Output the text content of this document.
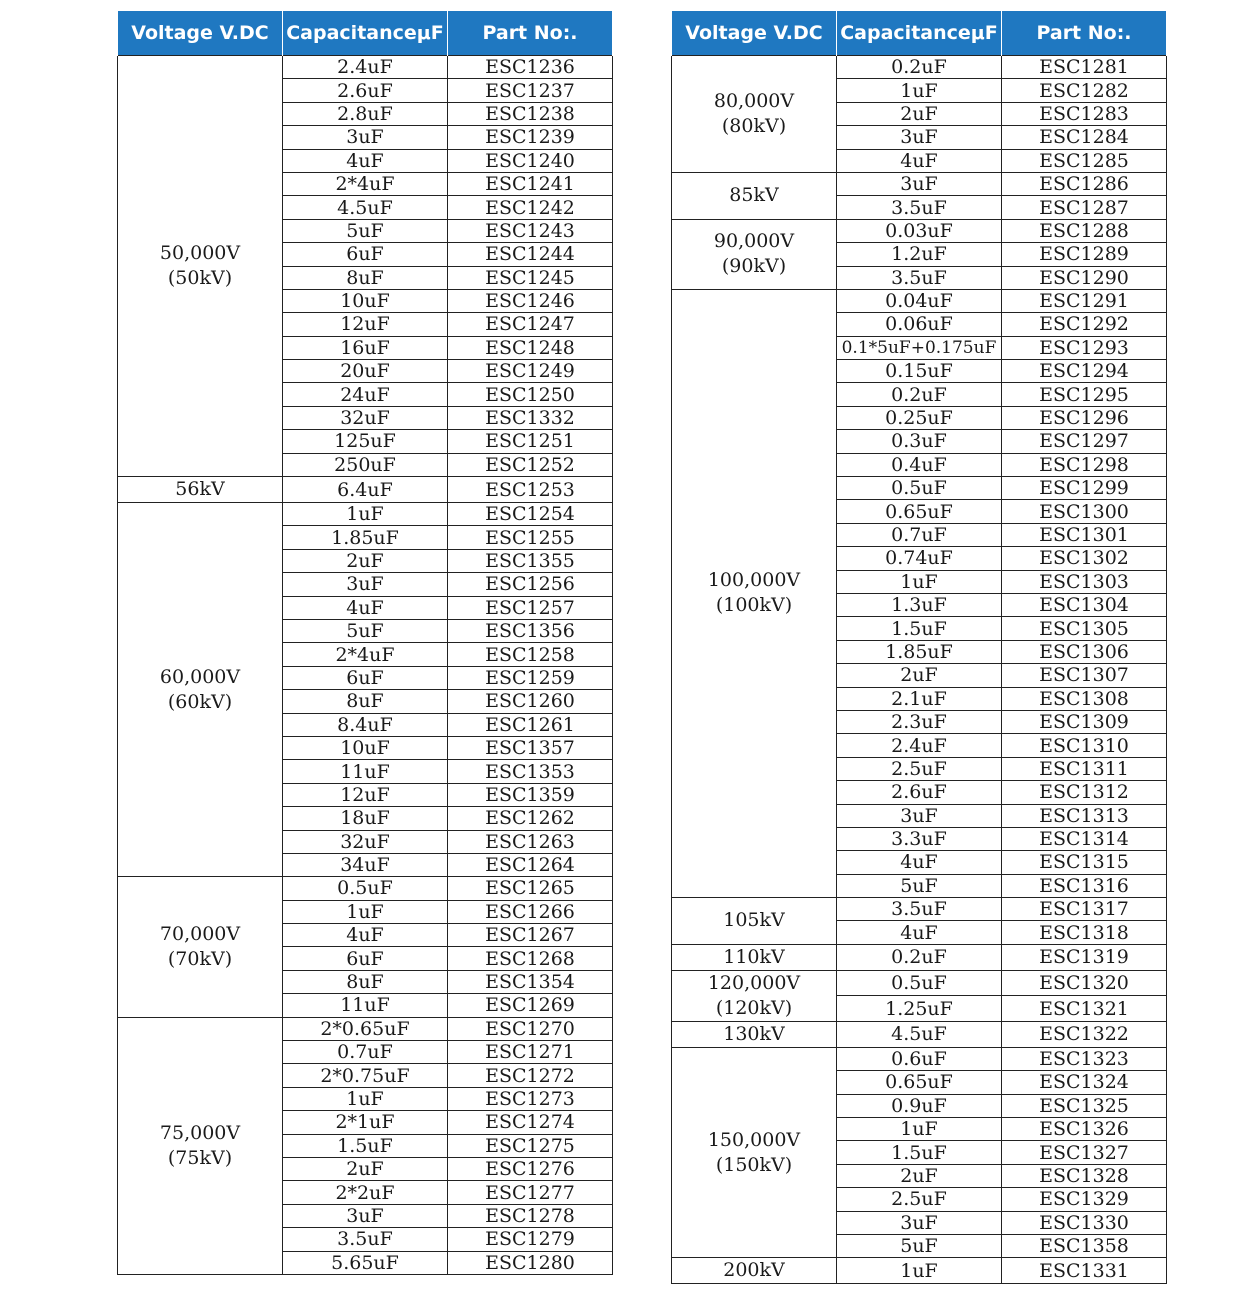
Voltage V.DC	CapacitanceμF	Part No:.

50,000V
(50kV)	2.4uF	ESC1236
	2.6uF	ESC1237
	2.8uF	ESC1238
	3uF	ESC1239
	4uF	ESC1240
	2*4uF	ESC1241
	4.5uF	ESC1242
	5uF	ESC1243
	6uF	ESC1244
	8uF	ESC1245
	10uF	ESC1246
	12uF	ESC1247
	16uF	ESC1248
	20uF	ESC1249
	24uF	ESC1250
	32uF	ESC1332
	125uF	ESC1251
	250uF	ESC1252

56kV	6.4uF	ESC1253

60,000V
(60kV)	1uF	ESC1254
	1.85uF	ESC1255
	2uF	ESC1355
	3uF	ESC1256
	4uF	ESC1257
	5uF	ESC1356
	2*4uF	ESC1258
	6uF	ESC1259
	8uF	ESC1260
	8.4uF	ESC1261
	10uF	ESC1357
	11uF	ESC1353
	12uF	ESC1359
	18uF	ESC1262
	32uF	ESC1263
	34uF	ESC1264

70,000V
(70kV)	0.5uF	ESC1265
	1uF	ESC1266
	4uF	ESC1267
	6uF	ESC1268
	8uF	ESC1354
	11uF	ESC1269

75,000V
(75kV)	2*0.65uF	ESC1270
	0.7uF	ESC1271
	2*0.75uF	ESC1272
	1uF	ESC1273
	2*1uF	ESC1274
	1.5uF	ESC1275
	2uF	ESC1276
	2*2uF	ESC1277
	3uF	ESC1278
	3.5uF	ESC1279
	5.65uF	ESC1280
Voltage V.DC	CapacitanceμF	Part No:.

80,000V
(80kV)	0.2uF	ESC1281
	1uF	ESC1282
	2uF	ESC1283
	3uF	ESC1284
	4uF	ESC1285

85kV	3uF	ESC1286
	3.5uF	ESC1287

90,000V
(90kV)	0.03uF	ESC1288
	1.2uF	ESC1289
	3.5uF	ESC1290

100,000V
(100kV)	0.04uF	ESC1291
	0.06uF	ESC1292
	0.1*5uF+0.175uF	ESC1293
	0.15uF	ESC1294
	0.2uF	ESC1295
	0.25uF	ESC1296
	0.3uF	ESC1297
	0.4uF	ESC1298
	0.5uF	ESC1299
	0.65uF	ESC1300
	0.7uF	ESC1301
	0.74uF	ESC1302
	1uF	ESC1303
	1.3uF	ESC1304
	1.5uF	ESC1305
	1.85uF	ESC1306
	2uF	ESC1307
	2.1uF	ESC1308
	2.3uF	ESC1309
	2.4uF	ESC1310
	2.5uF	ESC1311
	2.6uF	ESC1312
	3uF	ESC1313
	3.3uF	ESC1314
	4uF	ESC1315
	5uF	ESC1316

105kV	3.5uF	ESC1317
	4uF	ESC1318

110kV	0.2uF	ESC1319

120,000V
(120kV)	0.5uF	ESC1320
	1.25uF	ESC1321

130kV	4.5uF	ESC1322

150,000V
(150kV)	0.6uF	ESC1323
	0.65uF	ESC1324
	0.9uF	ESC1325
	1uF	ESC1326
	1.5uF	ESC1327
	2uF	ESC1328
	2.5uF	ESC1329
	3uF	ESC1330
	5uF	ESC1358

200kV	1uF	ESC1331
